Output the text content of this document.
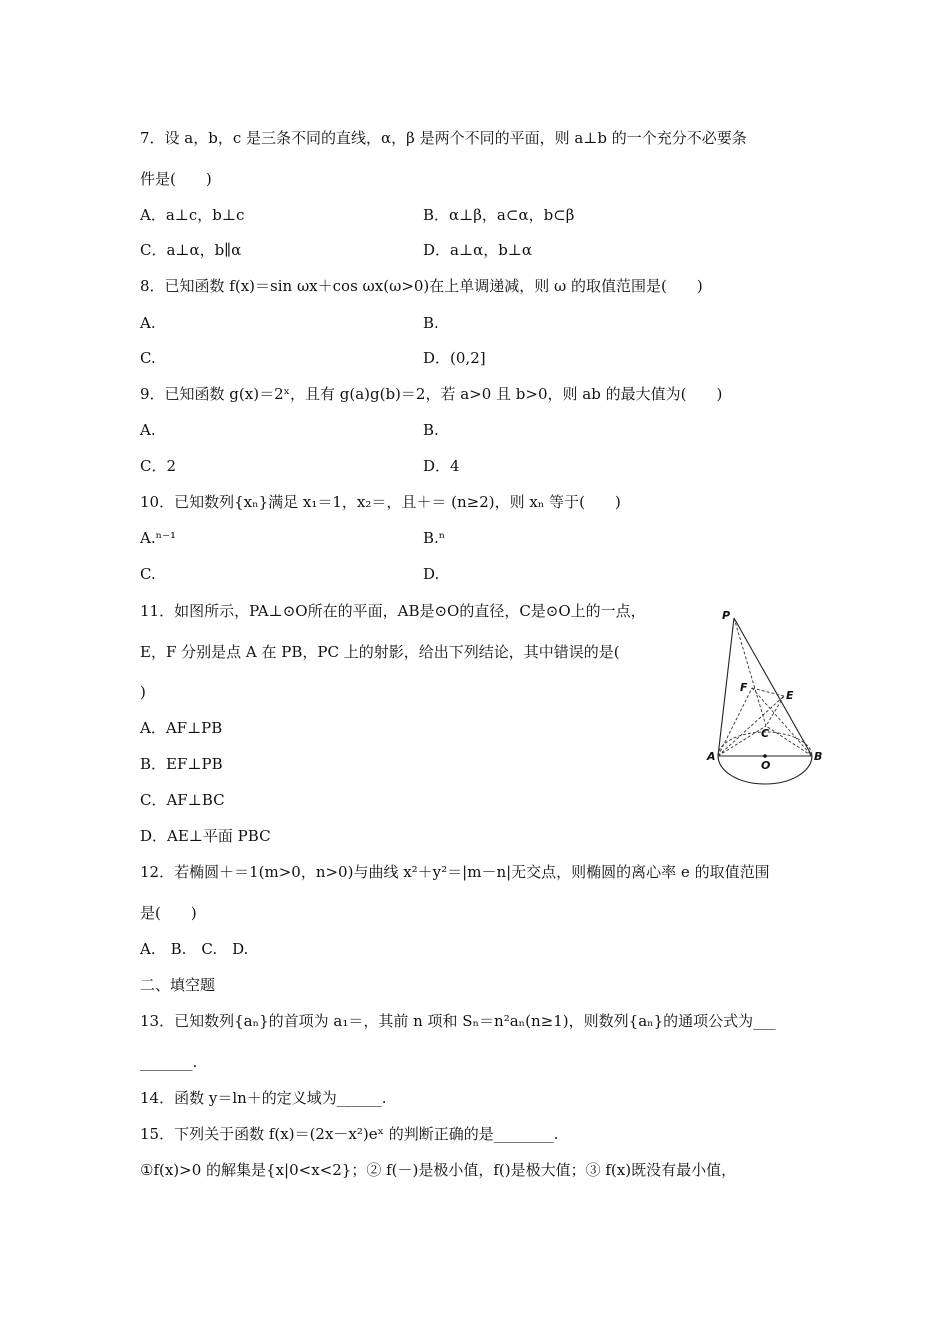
7．设 a，b，c 是三条不同的直线，α，β 是两个不同的平面，则 a⊥b 的一个充分不必要条
件是(　　)
A．a⊥c，b⊥c	B．α⊥β，a⊂α，b⊂β
C．a⊥α，b∥α	D．a⊥α，b⊥α
8．已知函数 f(x)＝sin ωx＋cos ωx(ω>0)在上单调递减，则 ω 的取值范围是(　　)
A.	B.
C.	D．(0,2]
9．已知函数 g(x)＝2ˣ，且有 g(a)g(b)＝2，若 a>0 且 b>0，则 ab 的最大值为(　　)
A.	B.
C．2	D．4
10．已知数列{xₙ}满足 x₁＝1，x₂＝，且＋＝ (n≥2)，则 xₙ 等于(　　)
A.ⁿ⁻¹	B.ⁿ
C.	D.
11．如图所示，PA⊥⊙O所在的平面，AB是⊙O的直径，C是⊙O上的一点，
E，F 分别是点 A 在 PB，PC 上的射影，给出下列结论，其中错误的是(
)
A．AF⊥PB
B．EF⊥PB
C．AF⊥BC
D．AE⊥平面 PBC
P
F
E
C
A
O
B
12．若椭圆＋＝1(m>0，n>0)与曲线 x²＋y²＝|m－n|无交点，则椭圆的离心率 e 的取值范围
是(　　)
A.　B.　C.　D.
二、填空题
13．已知数列{aₙ}的首项为 a₁＝，其前 n 项和 Sₙ＝n²aₙ(n≥1)，则数列{aₙ}的通项公式为___
_______.
14．函数 y＝ln＋的定义域为______.
15．下列关于函数 f(x)＝(2x－x²)eˣ 的判断正确的是________.
①f(x)>0 的解集是{x|0<x<2}；② f(－)是极小值，f()是极大值；③ f(x)既没有最小值，
